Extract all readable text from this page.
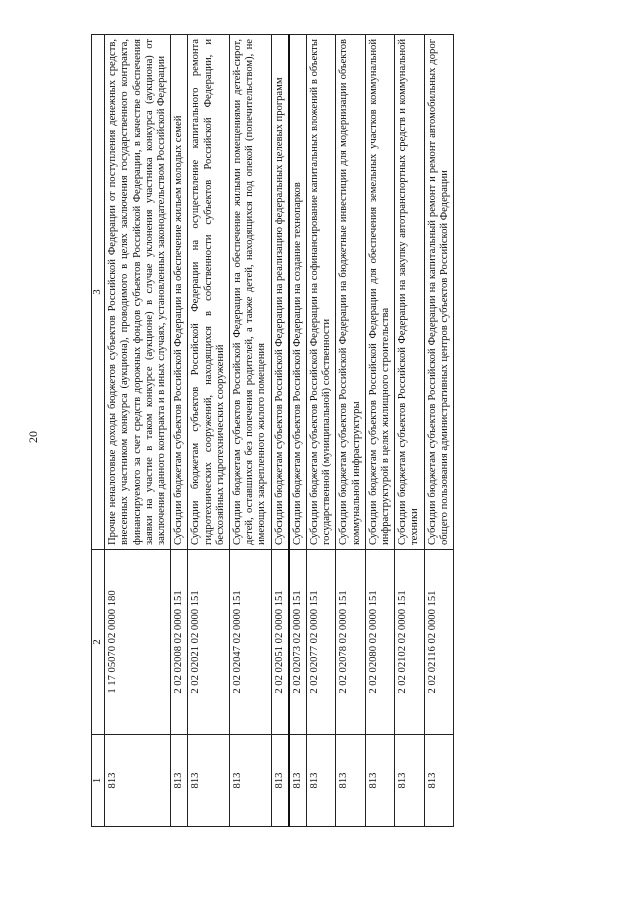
20
1	2	3
813	1 17 05070 02 0000 180	Прочие неналоговые доходы бюджетов субъектов Российской Федерации от поступления денежных средств, внесенных участником конкурса (аукциона), проводимого в целях заключения государственного контракта, финансируемого за счет средств дорожных фондов субъектов Российской Федерации, в качестве обеспечения заявки на участие в таком конкурсе (аукционе) в случае уклонения участника конкурса (аукциона) от заключения данного контракта и в иных случаях, установленных законодательством Российской Федерации
813	2 02 02008 02 0000 151	Субсидии бюджетам субъектов Российской Федерации на обеспечение жильем молодых семей
813	2 02 02021 02 0000 151	Субсидии бюджетам субъектов Российской Федерации на осуществление капитального ремонта гидротехнических сооружений, находящихся в собственности субъектов Российской Федерации, и бесхозяйных гидротехнических сооружений
813	2 02 02047 02 0000 151	Субсидии бюджетам субъектов Российской Федерации на обеспечение жилыми помещениями детей-сирот, детей, оставшихся без попечения родителей, а также детей, находящихся под опекой (попечительством), не имеющих закрепленного жилого помещения
813	2 02 02051 02 0000 151	Субсидии бюджетам субъектов Российской Федерации на реализацию федеральных целевых программ
813	2 02 02073 02 0000 151	Субсидии бюджетам субъектов Российской Федерации на создание технопарков
813	2 02 02077 02 0000 151	Субсидии бюджетам субъектов Российской Федерации на софинансирование капитальных вложений в объекты государственной (муниципальной) собственности
813	2 02 02078 02 0000 151	Субсидии бюджетам субъектов Российской Федерации на бюджетные инвестиции для модернизации объектов коммунальной инфраструктуры
813	2 02 02080 02 0000 151	Субсидии бюджетам субъектов Российской Федерации для обеспечения земельных участков коммунальной инфраструктурой в целях жилищного строительства
813	2 02 02102 02 0000 151	Субсидии бюджетам субъектов Российской Федерации на закупку автотранспортных средств и коммунальной техники
813	2 02 02116 02 0000 151	Субсидии бюджетам субъектов Российской Федерации на капитальный ремонт и ремонт автомобильных дорог общего пользования административных центров субъектов Российской Федерации
